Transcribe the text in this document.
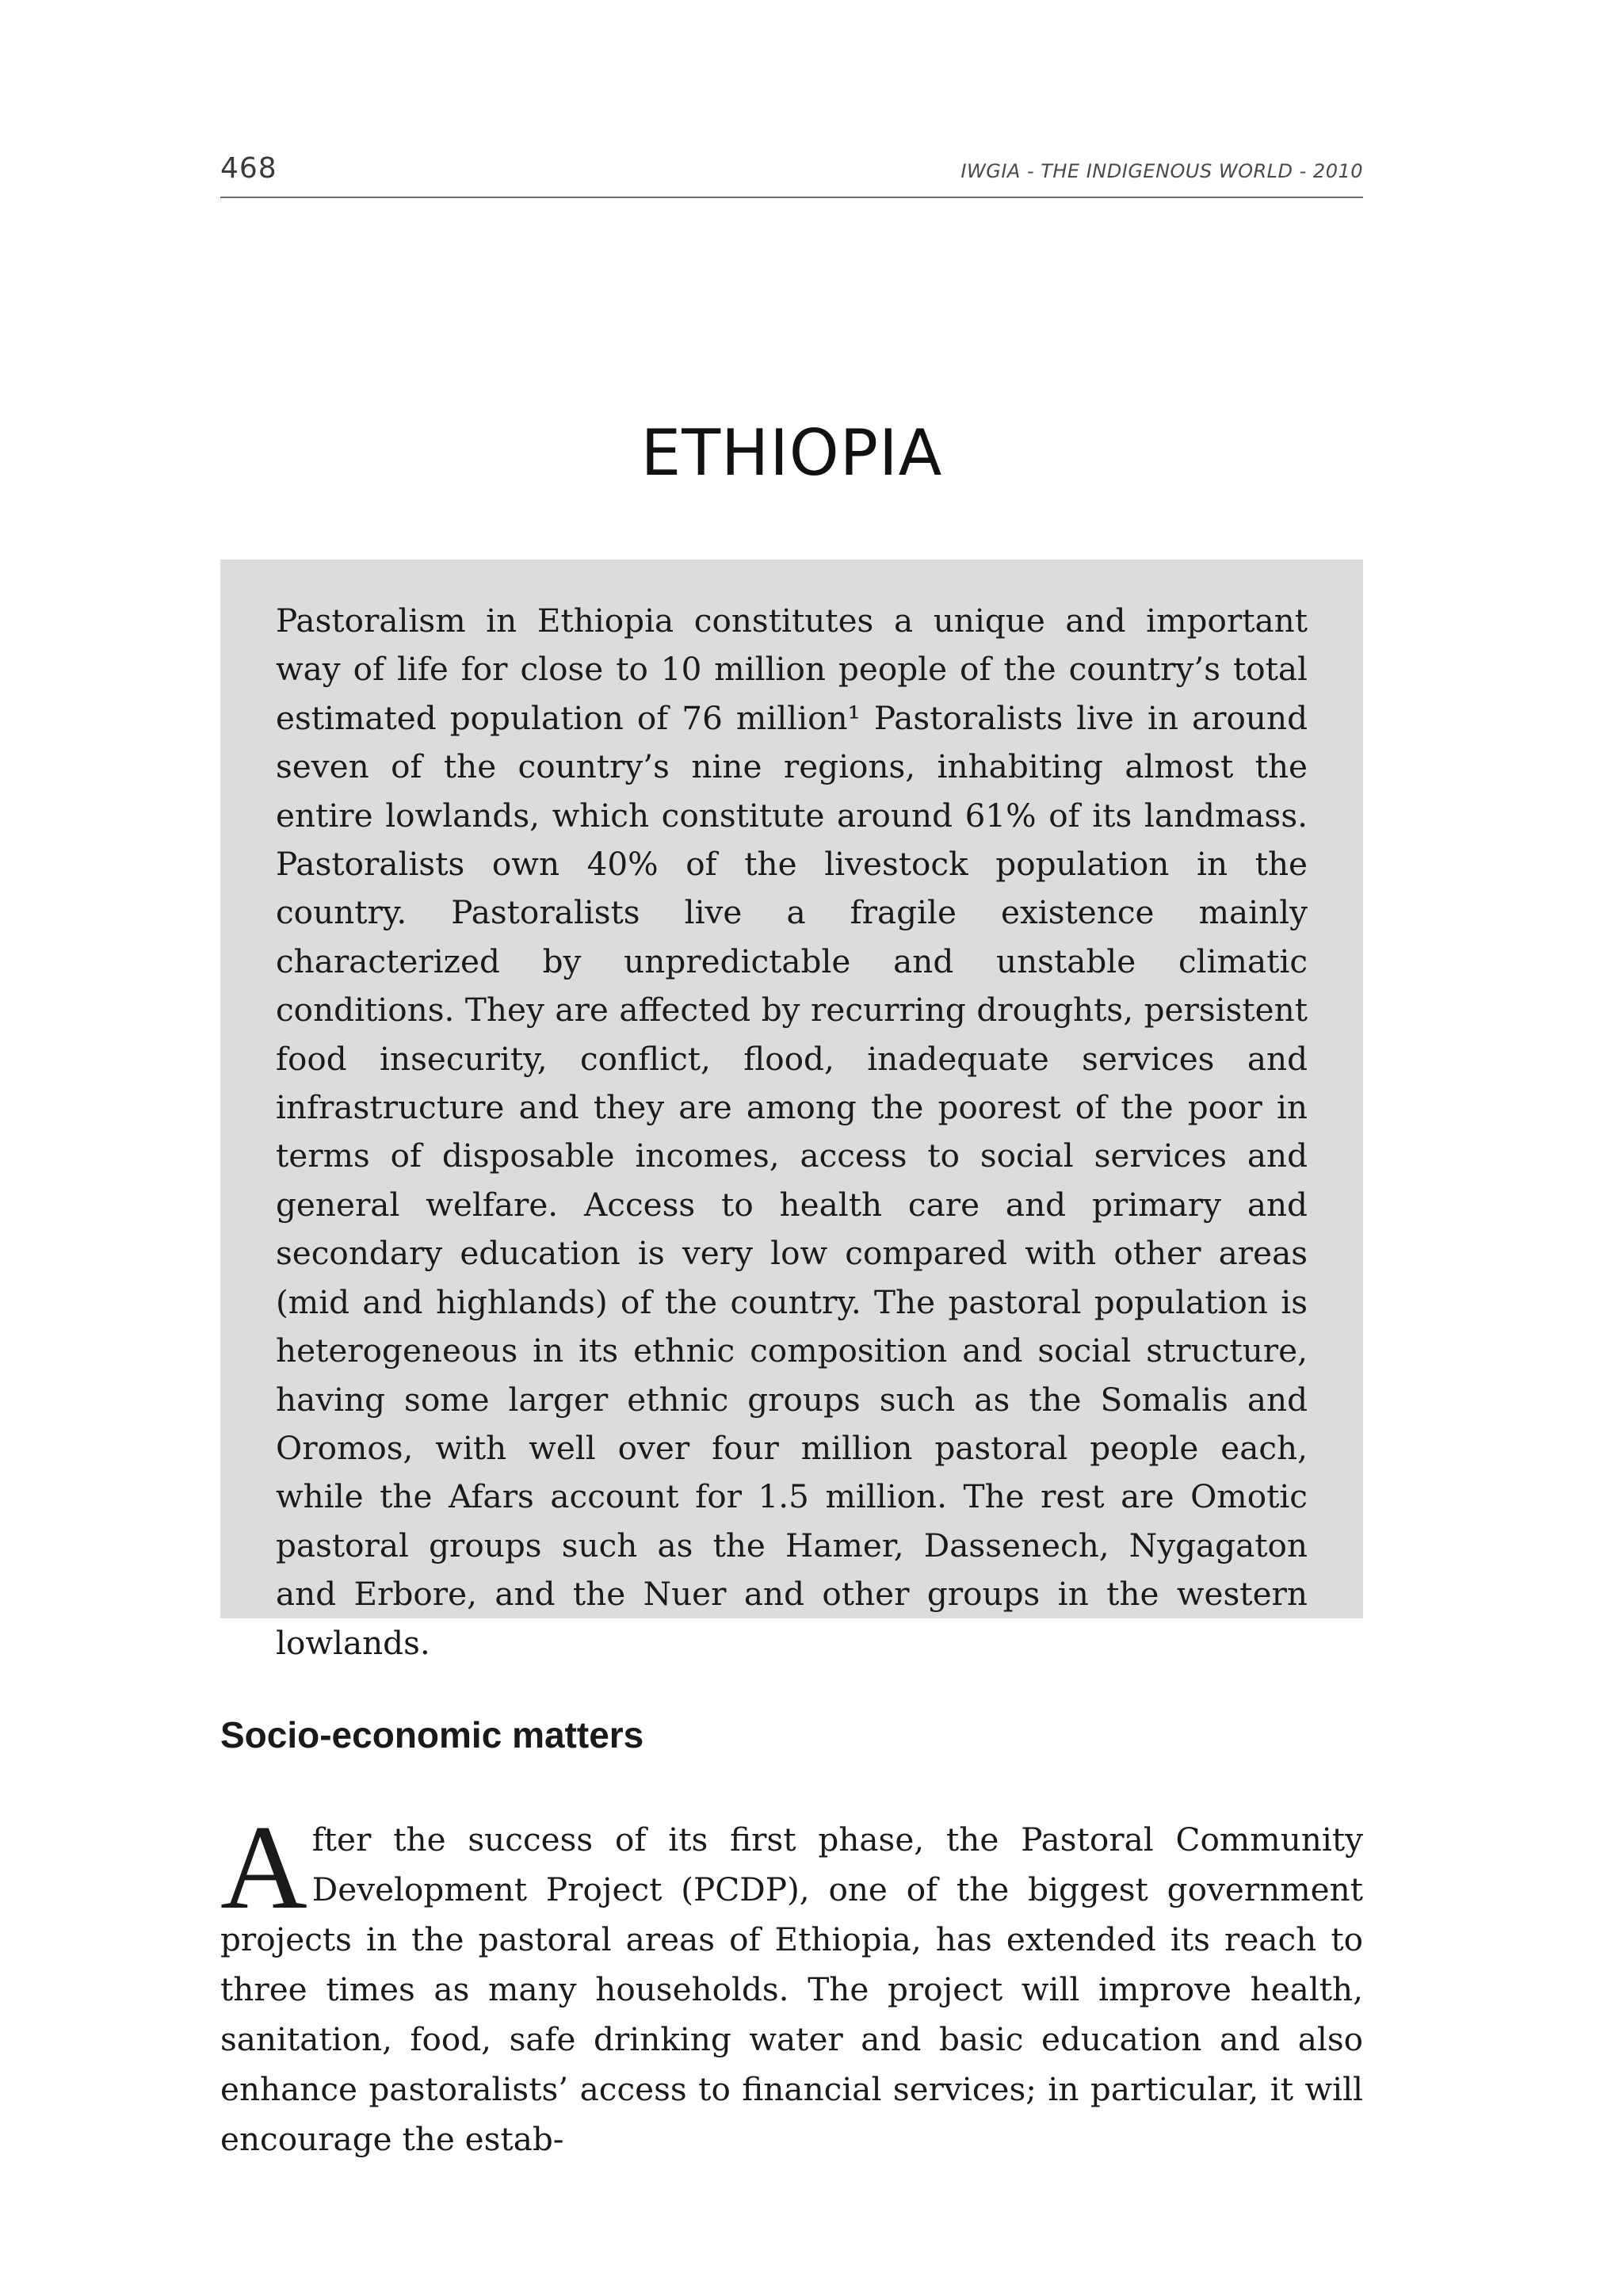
468	IWGIA - THE INDIGENOUS WORLD - 2010
ETHIOPIA

Pastoralism in Ethiopia constitutes a unique and important way of life for close to 10 million people of the country’s total estimated population of 76 million¹ Pastoralists live in around seven of the country’s nine regions, inhabiting almost the entire lowlands, which constitute around 61% of its landmass. Pastoralists own 40% of the livestock population in the country. Pastoralists live a fragile existence mainly characterized by unpredictable and unstable climatic conditions. They are affected by recurring droughts, persistent food insecurity, conflict, flood, inadequate services and infrastructure and they are among the poorest of the poor in terms of disposable incomes, access to social services and general welfare. Access to health care and primary and secondary education is very low compared with other areas (mid and highlands) of the country. The pastoral population is heterogeneous in its ethnic composition and social structure, having some larger ethnic groups such as the Somalis and Oromos, with well over four million pastoral people each, while the Afars account for 1.5 million. The rest are Omotic pastoral groups such as the Hamer, Dassenech, Nygagaton and Erbore, and the Nuer and other groups in the western lowlands.

Socio-economic matters

After the success of its first phase, the Pastoral Community Development Project (PCDP), one of the biggest government projects in the pastoral areas of Ethiopia, has extended its reach to three times as many households. The project will improve health, sanitation, food, safe drinking water and basic education and also enhance pastoralists’ access to financial services; in particular, it will encourage the estab-
